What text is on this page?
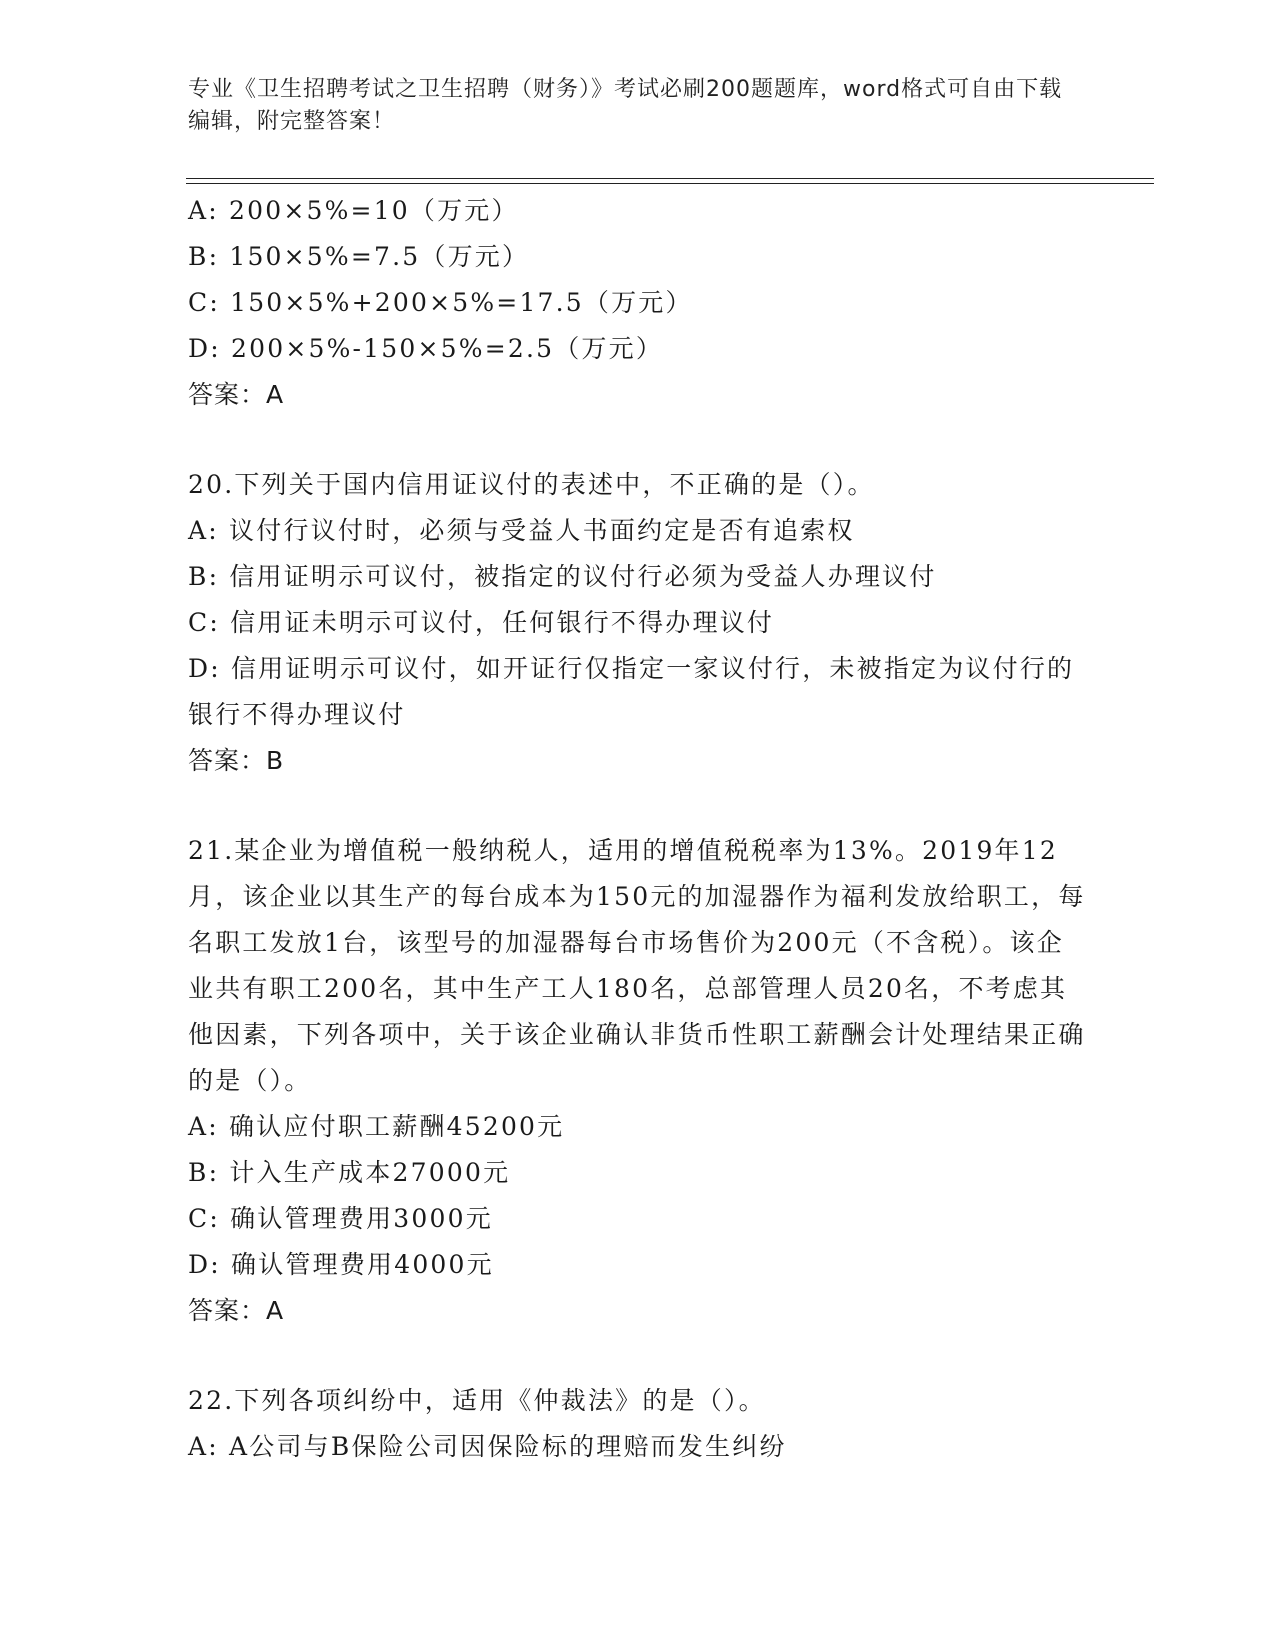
专业《卫生招聘考试之卫生招聘（财务）》考试必刷200题题库，word格式可自由下载编辑，附完整答案！
A: 200×5%=10（万元）
B: 150×5%=7.5（万元）
C: 150×5%+200×5%=17.5（万元）
D: 200×5%-150×5%=2.5（万元）
答案：A
20.下列关于国内信用证议付的表述中，不正确的是（）。
A: 议付行议付时，必须与受益人书面约定是否有追索权
B: 信用证明示可议付，被指定的议付行必须为受益人办理议付
C: 信用证未明示可议付，任何银行不得办理议付
D: 信用证明示可议付，如开证行仅指定一家议付行，未被指定为议付行的银行不得办理议付
答案：B
21.某企业为增值税一般纳税人，适用的增值税税率为13%。2019年12月，该企业以其生产的每台成本为150元的加湿器作为福利发放给职工，每名职工发放1台，该型号的加湿器每台市场售价为200元（不含税）。该企业共有职工200名，其中生产工人180名，总部管理人员20名，不考虑其他因素，下列各项中，关于该企业确认非货币性职工薪酬会计处理结果正确的是（）。
A: 确认应付职工薪酬45200元
B: 计入生产成本27000元
C: 确认管理费用3000元
D: 确认管理费用4000元
答案：A
22.下列各项纠纷中，适用《仲裁法》的是（）。
A: A公司与B保险公司因保险标的理赔而发生纠纷
